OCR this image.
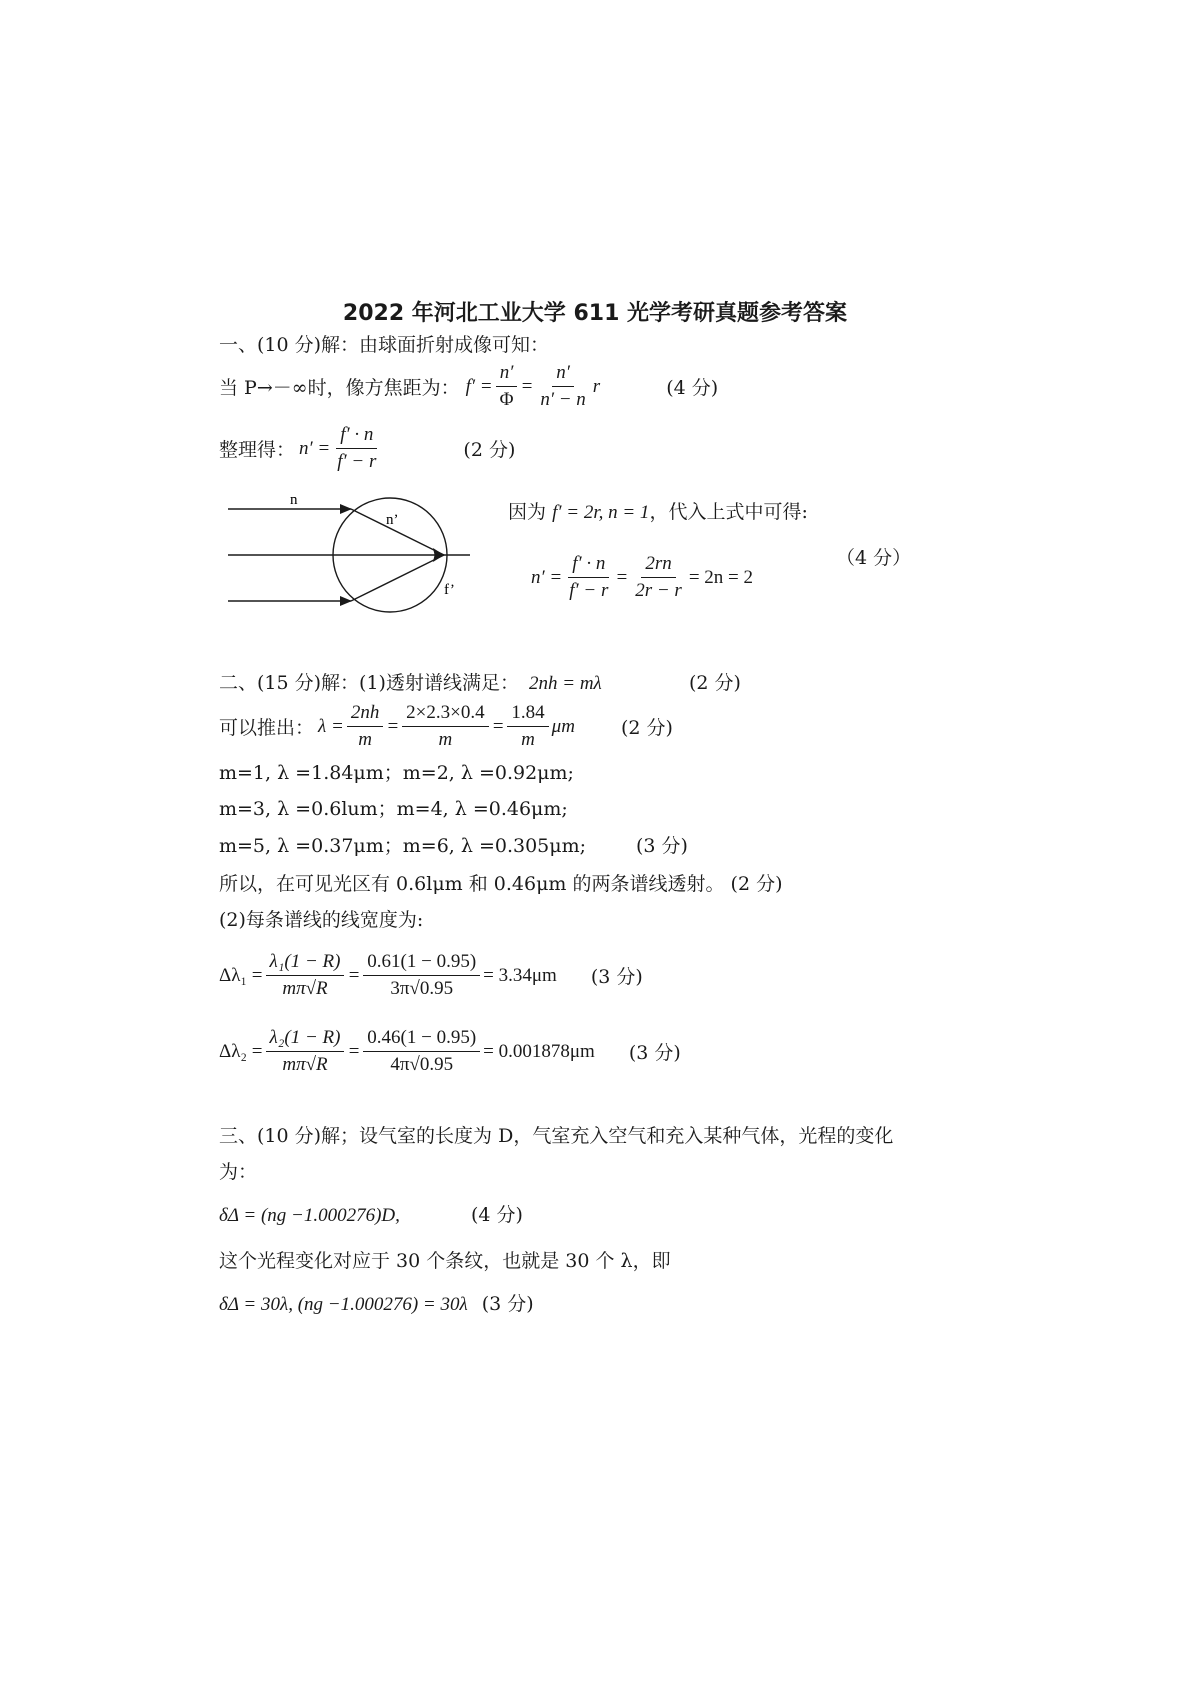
2022 年河北工业大学 611 光学考研真题参考答案
一、(10 分)解：由球面折射成像可知：
当 P→－∞时，像方焦距为： $f' = \frac{n'}{\Phi} = \frac{n'}{n' - n}$ r	(4 分)
整理得： $n' = \frac{f' \cdot n}{f' - r}$	(2 分)
n
n’
f’
因为 f′ = 2r, n = 1，代入上式中可得:
$n' = \frac{f' \cdot n}{f' - r} = \frac{2rn}{2r - r} = 2n = 2$
（4 分）
二、(15 分)解：(1)透射谱线满足： 2nh = mλ	(2 分)
可以推出： $\lambda = \frac{2nh}{m} = \frac{2\times 2.3\times 0.4}{m} = \frac{1.84}{m}$ μm (2 分)
m=1, λ =1.84μm；m=2, λ =0.92μm;
m=3, λ =0.6lum；m=4, λ =0.46μm;
m=5, λ =0.37μm；m=6, λ =0.305μm;	(3 分)
所以，在可见光区有 0.6lμm 和 0.46μm 的两条谱线透射。 (2 分)
(2)每条谱线的线宽度为:
$\Delta\lambda_1 = \frac{\text{λ₁(1 − R)}}{m\pi√R} = \frac{0.61(1 - 0.95)}{3\pi√0.95} = 3.34\mu m$ (3 分)
$\Delta\lambda_2 = \frac{\text{λ₂(1 − R)}}{m\pi√R} = \frac{0.46(1 - 0.95)}{4\pi√0.95} = 0.001878\mu m$ (3 分)
三、(10 分)解；设气室的长度为 D，气室充入空气和充入某种气体，光程的变化
为：
δΔ = (ng −1.000276)D,	(4 分)
这个光程变化对应于 30 个条纹，也就是 30 个 λ，即
δΔ = 30λ, (ng −1.000276) = 30λ (3 分)
